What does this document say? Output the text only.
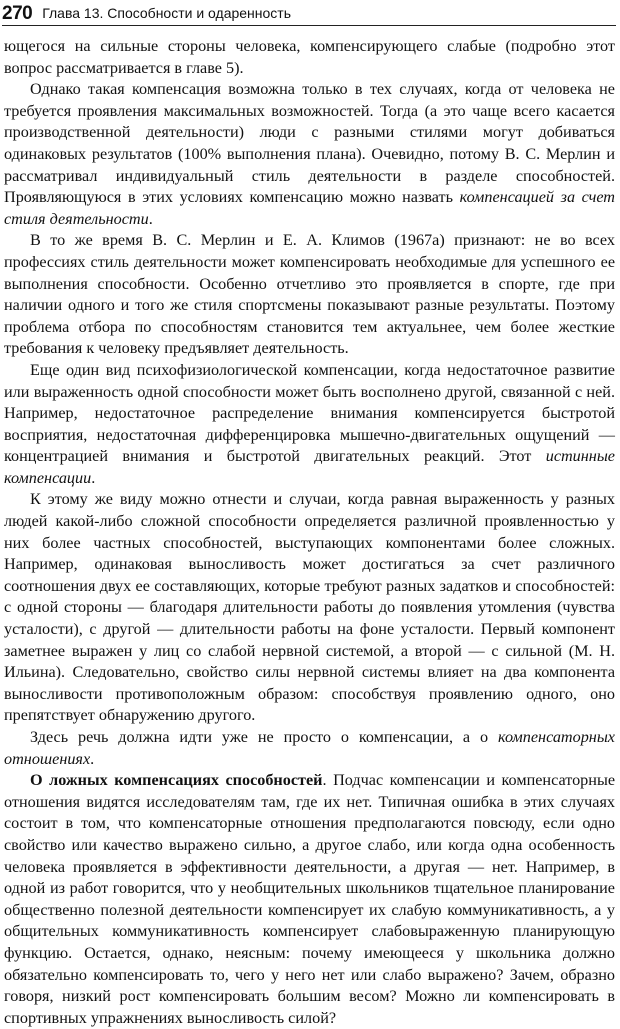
270 Глава 13. Способности и одаренность

ющегося на сильные стороны человека, компенсирующего слабые (подробно этот вопрос рассматривается в главе 5).

Однако такая компенсация возможна только в тех случаях, когда от человека не требуется проявления максимальных возможностей. Тогда (а это чаще всего касается производственной деятельности) люди с разными стилями могут добиваться одинаковых результатов (100% выполнения плана). Очевидно, потому В. С. Мерлин и рассматривал индивидуальный стиль деятельности в разделе способностей. Проявляющуюся в этих условиях компенсацию можно назвать компенсацией за счет стиля деятельности.

В то же время В. С. Мерлин и Е. А. Климов (1967а) признают: не во всех профессиях стиль деятельности может компенсировать необходимые для успешного ее выполнения способности. Особенно отчетливо это проявляется в спорте, где при наличии одного и того же стиля спортсмены показывают разные результаты. Поэтому проблема отбора по способностям становится тем актуальнее, чем более жесткие требования к человеку предъявляет деятельность.

Еще один вид психофизиологической компенсации, когда недостаточное развитие или выраженность одной способности может быть восполнено другой, связанной с ней. Например, недостаточное распределение внимания компенсируется быстротой восприятия, недостаточная дифференцировка мышечно-двигательных ощущений — концентрацией внимания и быстротой двигательных реакций. Этот истинные компенсации.

К этому же виду можно отнести и случаи, когда равная выраженность у разных людей какой-либо сложной способности определяется различной проявленностью у них более частных способностей, выступающих компонентами более сложных. Например, одинаковая выносливость может достигаться за счет различного соотношения двух ее составляющих, которые требуют разных задатков и способностей: с одной стороны — благодаря длительности работы до появления утомления (чувства усталости), с другой — длительности работы на фоне усталости. Первый компонент заметнее выражен у лиц со слабой нервной системой, а второй — с сильной (М. Н. Ильина). Следовательно, свойство силы нервной системы влияет на два компонента выносливости противоположным образом: способствуя проявлению одного, оно препятствует обнаружению другого.

Здесь речь должна идти уже не просто о компенсации, а о компенсаторных отношениях.

О ложных компенсациях способностей. Подчас компенсации и компенсаторные отношения видятся исследователям там, где их нет. Типичная ошибка в этих случаях состоит в том, что компенсаторные отношения предполагаются повсюду, если одно свойство или качество выражено сильно, а другое слабо, или когда одна особенность человека проявляется в эффективности деятельности, а другая — нет. Например, в одной из работ говорится, что у необщительных школьников тщательное планирование общественно полезной деятельности компенсирует их слабую коммуникативность, а у общительных коммуникативность компенсирует слабовыраженную планирующую функцию. Остается, однако, неясным: почему имеющееся у школьника должно обязательно компенсировать то, чего у него нет или слабо выражено? Зачем, образно говоря, низкий рост компенсировать большим весом? Можно ли компенсировать в спортивных упражнениях выносливость силой?
